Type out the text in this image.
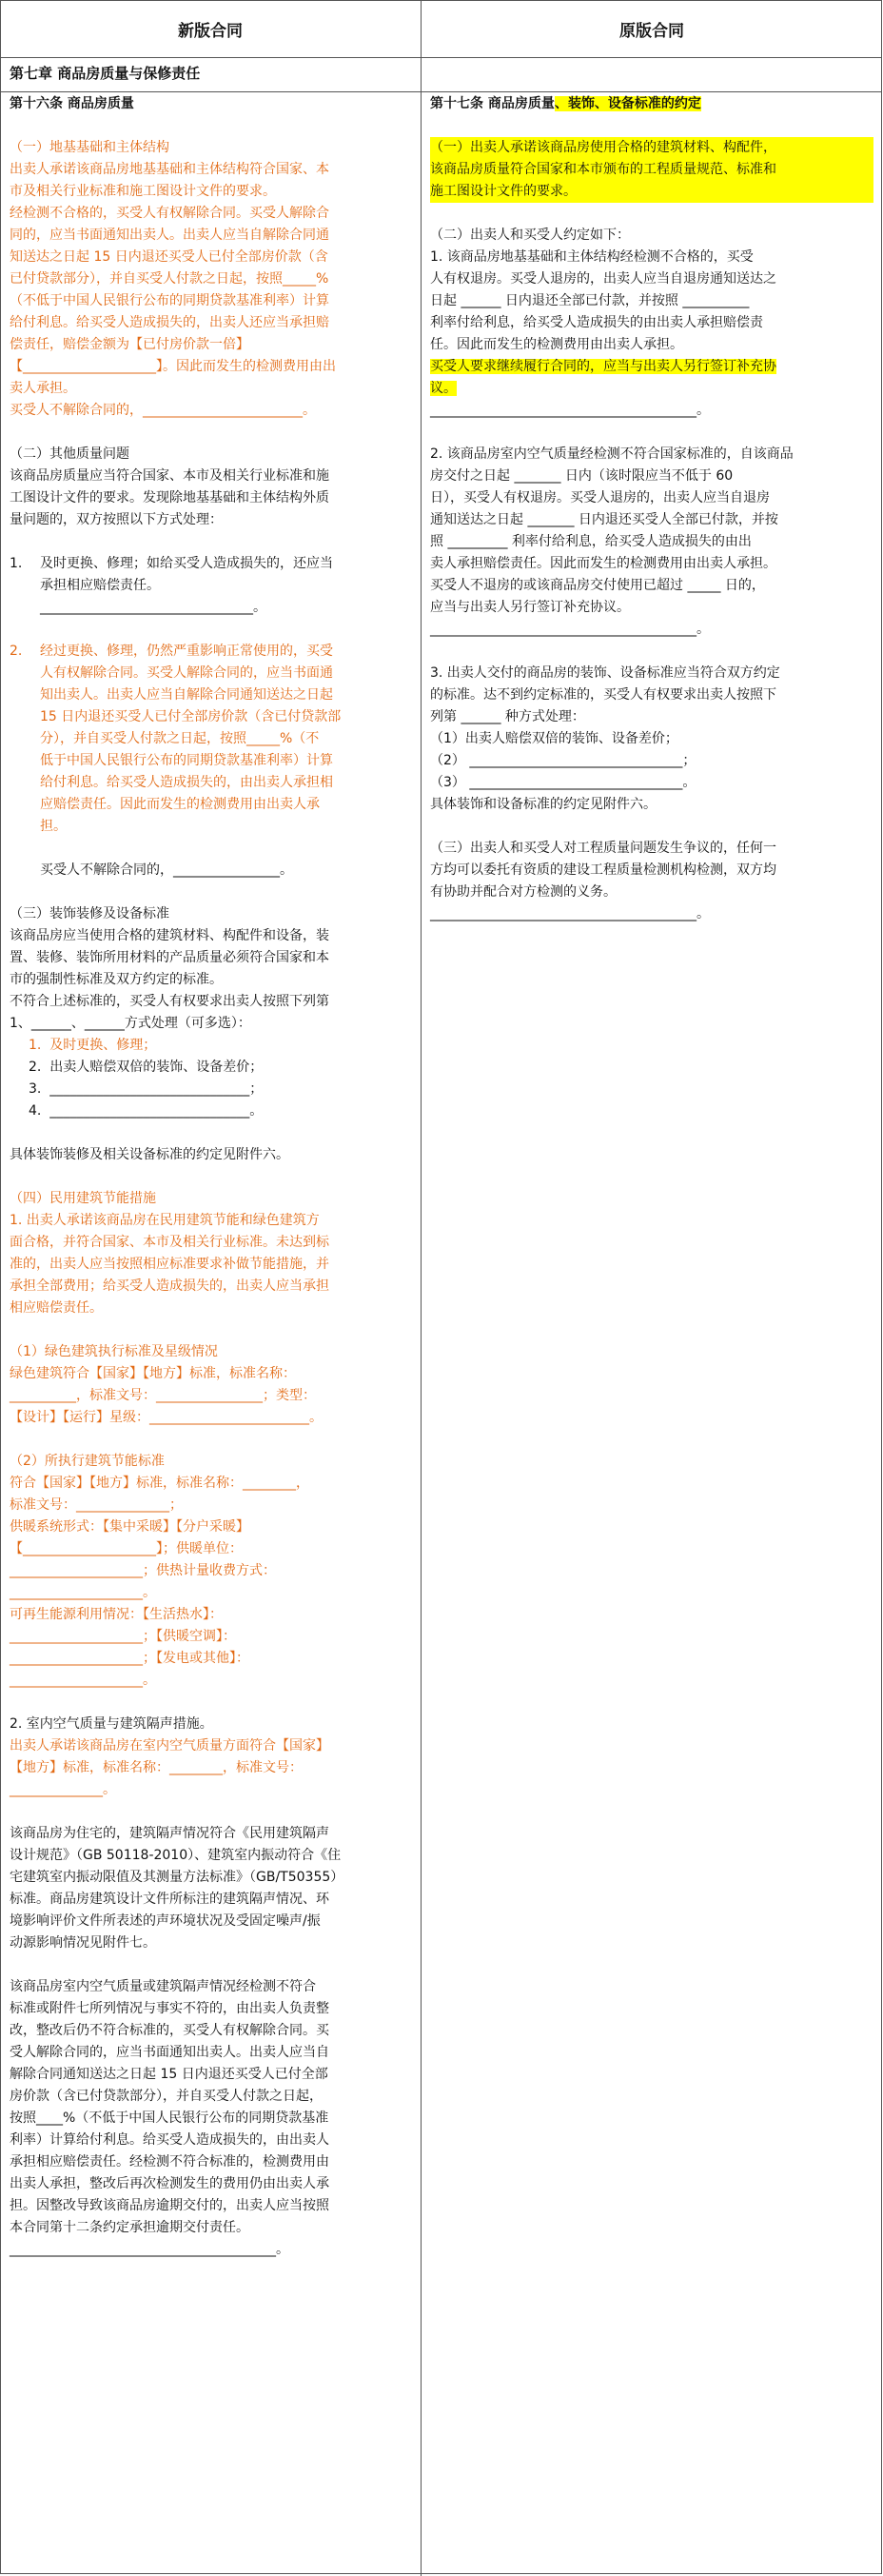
新版合同	原版合同
第七章 商品房质量与保修责任

第十六条 商品房质量

（一）地基基础和主体结构

出卖人承诺该商品房地基基础和主体结构符合国家、本

市及相关行业标准和施工图设计文件的要求。

经检测不合格的，买受人有权解除合同。买受人解除合

同的，应当书面通知出卖人。出卖人应当自解除合同通

知送达之日起 15 日内退还买受人已付全部房价款（含

已付贷款部分），并自买受人付款之日起，按照_____%

（不低于中国人民银行公布的同期贷款基准利率）计算

给付利息。给买受人造成损失的，出卖人还应当承担赔

偿责任，赔偿金额为【已付房价款一倍】

【____________________】。因此而发生的检测费用由出

卖人承担。

买受人不解除合同的，________________________。

（二）其他质量问题

该商品房质量应当符合国家、本市及相关行业标准和施

工图设计文件的要求。发现除地基基础和主体结构外质

量问题的，双方按照以下方式处理：

1. 及时更换、修理；如给买受人造成损失的，还应当

承担相应赔偿责任。

________________________________。

2. 经过更换、修理，仍然严重影响正常使用的，买受

人有权解除合同。买受人解除合同的，应当书面通

知出卖人。出卖人应当自解除合同通知送达之日起

15 日内退还买受人已付全部房价款（含已付贷款部

分），并自买受人付款之日起，按照_____%（不

低于中国人民银行公布的同期贷款基准利率）计算

给付利息。给买受人造成损失的，由出卖人承担相

应赔偿责任。因此而发生的检测费用由出卖人承

担。

买受人不解除合同的，________________。

（三）装饰装修及设备标准

该商品房应当使用合格的建筑材料、构配件和设备，装

置、装修、装饰所用材料的产品质量必须符合国家和本

市的强制性标准及双方约定的标准。

不符合上述标准的，买受人有权要求出卖人按照下列第

1、______、______方式处理（可多选）：

1.  及时更换、修理；

2.  出卖人赔偿双倍的装饰、设备差价；

3.  ______________________________；

4.  ______________________________。

具体装饰装修及相关设备标准的约定见附件六。

（四）民用建筑节能措施

1. 出卖人承诺该商品房在民用建筑节能和绿色建筑方

面合格，并符合国家、本市及相关行业标准。未达到标

准的，出卖人应当按照相应标准要求补做节能措施，并

承担全部费用；给买受人造成损失的，出卖人应当承担

相应赔偿责任。

（1）绿色建筑执行标准及星级情况

绿色建筑符合【国家】【地方】标准，标准名称：

__________，标准文号：________________；类型：

【设计】【运行】星级：________________________。

（2）所执行建筑节能标准

符合【国家】【地方】标准，标准名称：________，

标准文号：______________；

供暖系统形式：【集中采暖】【分户采暖】

【____________________】；供暖单位：

____________________；供热计量收费方式：

____________________。

可再生能源利用情况：【生活热水】：

____________________；【供暖空调】：

____________________；【发电或其他】：

____________________。

2. 室内空气质量与建筑隔声措施。

出卖人承诺该商品房在室内空气质量方面符合【国家】

【地方】标准，标准名称：________，标准文号：

______________。

该商品房为住宅的，建筑隔声情况符合《民用建筑隔声

设计规范》（GB 50118-2010）、建筑室内振动符合《住

宅建筑室内振动限值及其测量方法标准》（GB/T50355）

标准。商品房建筑设计文件所标注的建筑隔声情况、环

境影响评价文件所表述的声环境状况及受固定噪声/振

动源影响情况见附件七。

该商品房室内空气质量或建筑隔声情况经检测不符合

标准或附件七所列情况与事实不符的，由出卖人负责整

改，整改后仍不符合标准的，买受人有权解除合同。买

受人解除合同的，应当书面通知出卖人。出卖人应当自

解除合同通知送达之日起 15 日内退还买受人已付全部

房价款（含已付贷款部分），并自买受人付款之日起，

按照____%（不低于中国人民银行公布的同期贷款基准

利率）计算给付利息。给买受人造成损失的，由出卖人

承担相应赔偿责任。经检测不符合标准的，检测费用由

出卖人承担，整改后再次检测发生的费用仍由出卖人承

担。因整改导致该商品房逾期交付的，出卖人应当按照

本合同第十二条约定承担逾期交付责任。

________________________________________。

第十七条 商品房质量、装饰、设备标准的约定

（一）出卖人承诺该商品房使用合格的建筑材料、构配件，

该商品房质量符合国家和本市颁布的工程质量规范、标准和

施工图设计文件的要求。

（二）出卖人和买受人约定如下：

1. 该商品房地基基础和主体结构经检测不合格的，买受

人有权退房。买受人退房的，出卖人应当自退房通知送达之

日起 ______ 日内退还全部已付款，并按照 __________

利率付给利息，给买受人造成损失的由出卖人承担赔偿责

任。因此而发生的检测费用由出卖人承担。

买受人要求继续履行合同的，应当与出卖人另行签订补充协

议。

________________________________________。

2. 该商品房室内空气质量经检测不符合国家标准的，自该商品

房交付之日起 _______ 日内（该时限应当不低于 60

日），买受人有权退房。买受人退房的，出卖人应当自退房

通知送达之日起 _______ 日内退还买受人全部已付款，并按

照 _________ 利率付给利息，给买受人造成损失的由出

卖人承担赔偿责任。因此而发生的检测费用由出卖人承担。

买受人不退房的或该商品房交付使用已超过 _____ 日的，

应当与出卖人另行签订补充协议。

________________________________________。

3. 出卖人交付的商品房的装饰、设备标准应当符合双方约定

的标准。达不到约定标准的，买受人有权要求出卖人按照下

列第 ______ 种方式处理：

（1）出卖人赔偿双倍的装饰、设备差价；

（2） ________________________________；

（3） ________________________________。

具体装饰和设备标准的约定见附件六。

（三）出卖人和买受人对工程质量问题发生争议的，任何一

方均可以委托有资质的建设工程质量检测机构检测，双方均

有协助并配合对方检测的义务。

________________________________________。
